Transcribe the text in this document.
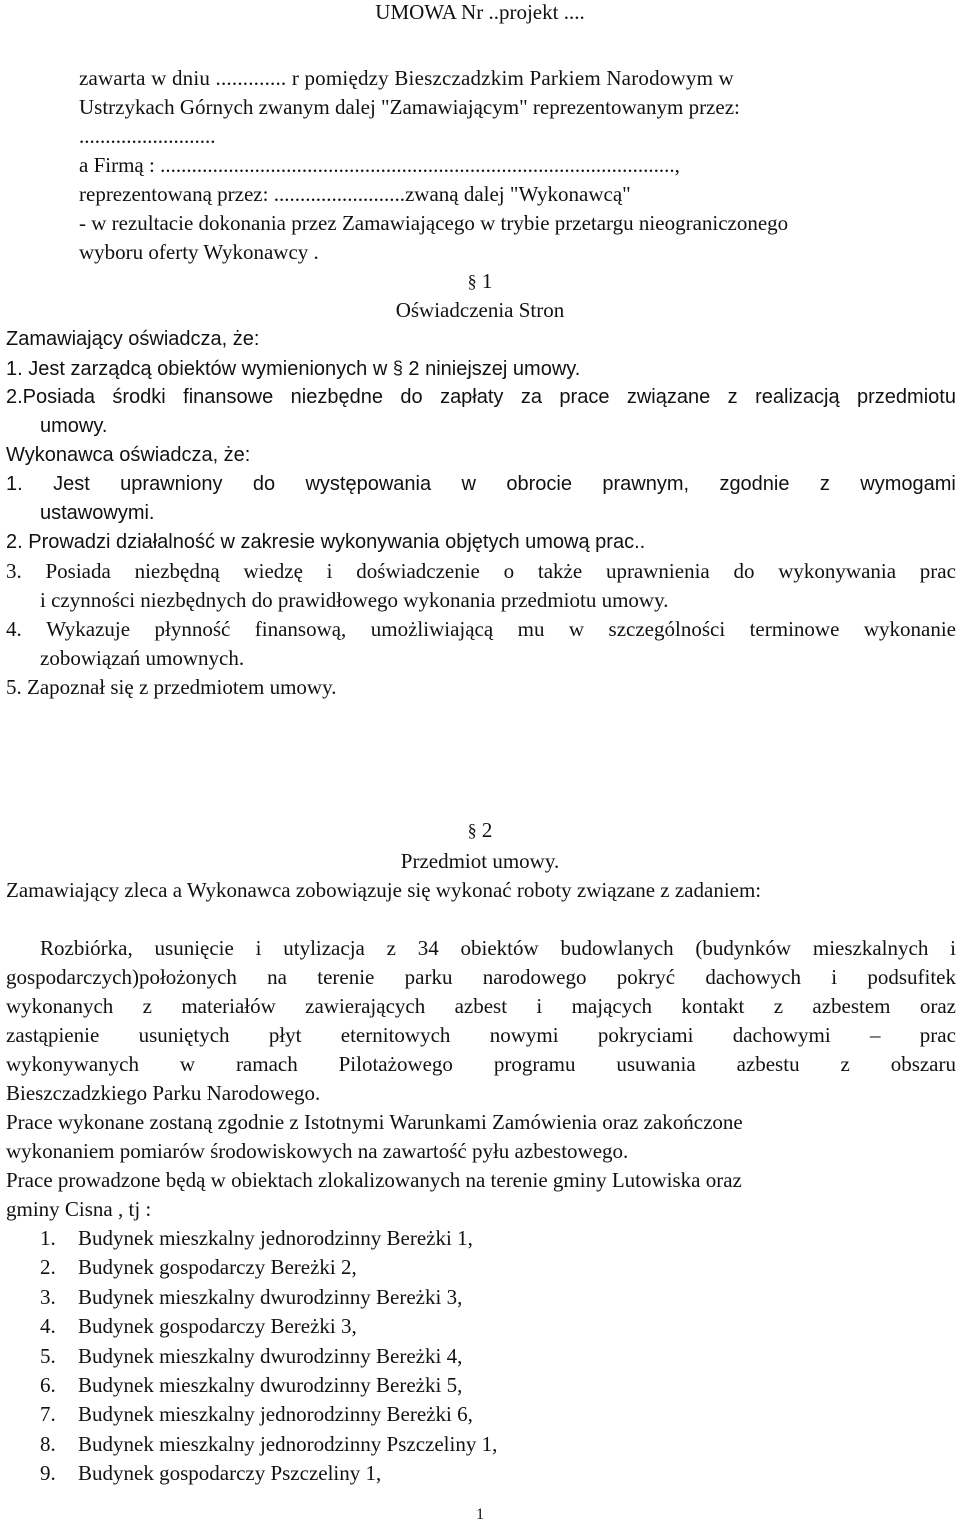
UMOWA Nr ..projekt ....
zawarta w dniu ............. r pomiędzy Bieszczadzkim Parkiem Narodowym w
Ustrzykach Górnych zwanym dalej "Zamawiającym" reprezentowanym przez:
..........................
a Firmą : ..................................................................................................,
reprezentowaną przez: .........................zwaną dalej "Wykonawcą"
- w rezultacie dokonania przez Zamawiającego w trybie przetargu nieograniczonego
wyboru oferty Wykonawcy .
§ 1
Oświadczenia Stron
Zamawiający oświadcza, że:
1. Jest zarządcą obiektów wymienionych w § 2 niniejszej umowy.
2.Posiada środki finansowe niezbędne do zapłaty za prace związane z realizacją przedmiotu
umowy.
Wykonawca oświadcza, że:
1. Jest uprawniony do występowania w obrocie prawnym, zgodnie z wymogami
ustawowymi.
2. Prowadzi działalność w zakresie wykonywania objętych umową prac..
3. Posiada niezbędną wiedzę i doświadczenie o także uprawnienia do wykonywania prac
i czynności niezbędnych do prawidłowego wykonania przedmiotu umowy.
4. Wykazuje płynność finansową, umożliwiającą mu w szczególności terminowe wykonanie
zobowiązań umownych.
5. Zapoznał się z przedmiotem umowy.
§ 2
Przedmiot umowy.
Zamawiający zleca a Wykonawca zobowiązuje się wykonać roboty związane z zadaniem:
Rozbiórka, usunięcie i utylizacja z 34 obiektów budowlanych (budynków mieszkalnych i
gospodarczych)położonych na terenie parku narodowego pokryć dachowych i podsufitek
wykonanych z materiałów zawierających azbest i mających kontakt z azbestem oraz
zastąpienie usuniętych płyt eternitowych nowymi pokryciami dachowymi – prac
wykonywanych w ramach Pilotażowego programu usuwania azbestu z obszaru
Bieszczadzkiego Parku Narodowego.
Prace wykonane zostaną zgodnie z Istotnymi Warunkami Zamówienia oraz zakończone
wykonaniem pomiarów środowiskowych na zawartość pyłu azbestowego.
Prace prowadzone będą w obiektach zlokalizowanych na terenie gminy Lutowiska oraz
gminy Cisna , tj :
1. Budynek mieszkalny jednorodzinny Bereżki 1,
2. Budynek gospodarczy Bereżki 2,
3. Budynek mieszkalny dwurodzinny Bereżki 3,
4. Budynek gospodarczy Bereżki 3,
5. Budynek mieszkalny dwurodzinny Bereżki 4,
6. Budynek mieszkalny dwurodzinny Bereżki 5,
7. Budynek mieszkalny jednorodzinny Bereżki 6,
8. Budynek mieszkalny jednorodzinny Pszczeliny 1,
9. Budynek gospodarczy Pszczeliny 1,
1
